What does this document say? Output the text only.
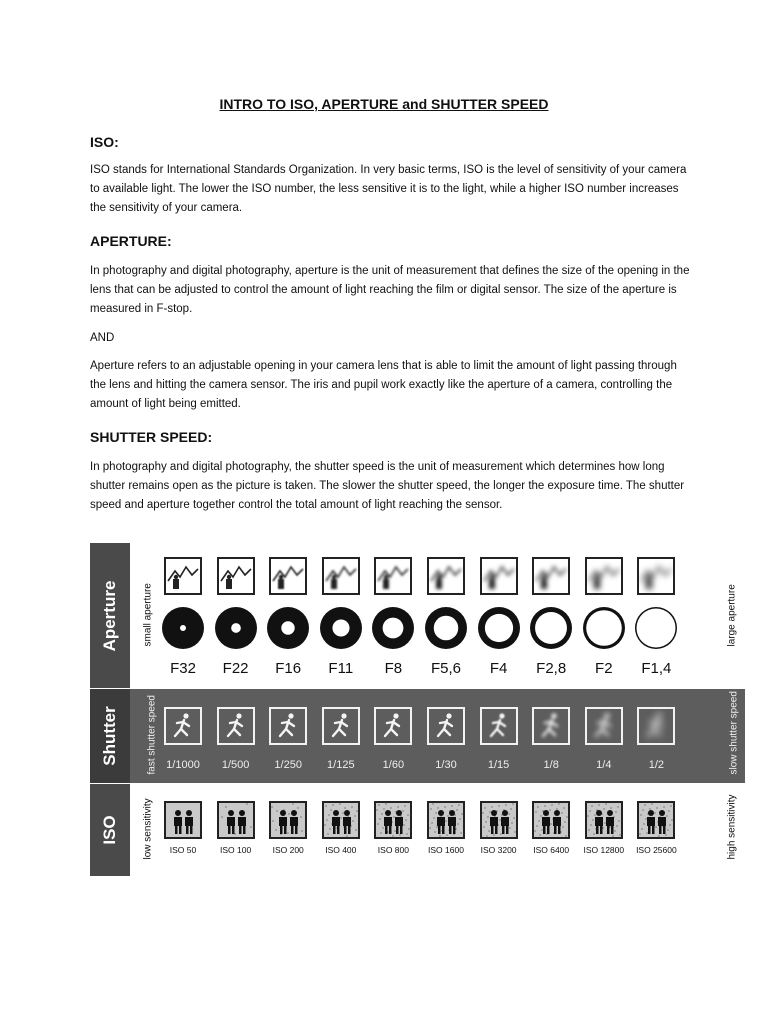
INTRO TO ISO, APERTURE and SHUTTER SPEED
ISO:

ISO stands for International Standards Organization. In very basic terms, ISO is the level of sensitivity of your camera to available light. The lower the ISO number, the less sensitive it is to the light, while a higher ISO number increases the sensitivity of your camera.

APERTURE:

In photography and digital photography, aperture is the unit of measurement that defines the size of the opening in the lens that can be adjusted to control the amount of light reaching the film or digital sensor. The size of the aperture is measured in F-stop.

AND

Aperture refers to an adjustable opening in your camera lens that is able to limit the amount of light passing through the lens and hitting the camera sensor. The iris and pupil work exactly like the aperture of a camera, controlling the amount of light being emitted.

SHUTTER SPEED:

In photography and digital photography, the shutter speed is the unit of measurement which determines how long shutter remains open as the picture is taken. The slower the shutter speed, the longer the exposure time. The shutter speed and aperture together control the total amount of light reaching the sensor.

Aperture small aperture	large aperture
F32	F22	F16	F11	F8	F5,6	F4	F2,8	F2	F1,4
Shutter	fast shutter speed	slow shutter speed
1/1000	1/500	1/250	1/125	1/60	1/30	1/15	1/8	1/4	1/2
ISO low sensitivity	high sensitivity
ISO 50	ISO 100	ISO 200	ISO 400	ISO 800	ISO 1600	ISO 3200	ISO 6400	ISO 12800 ISO 25600
